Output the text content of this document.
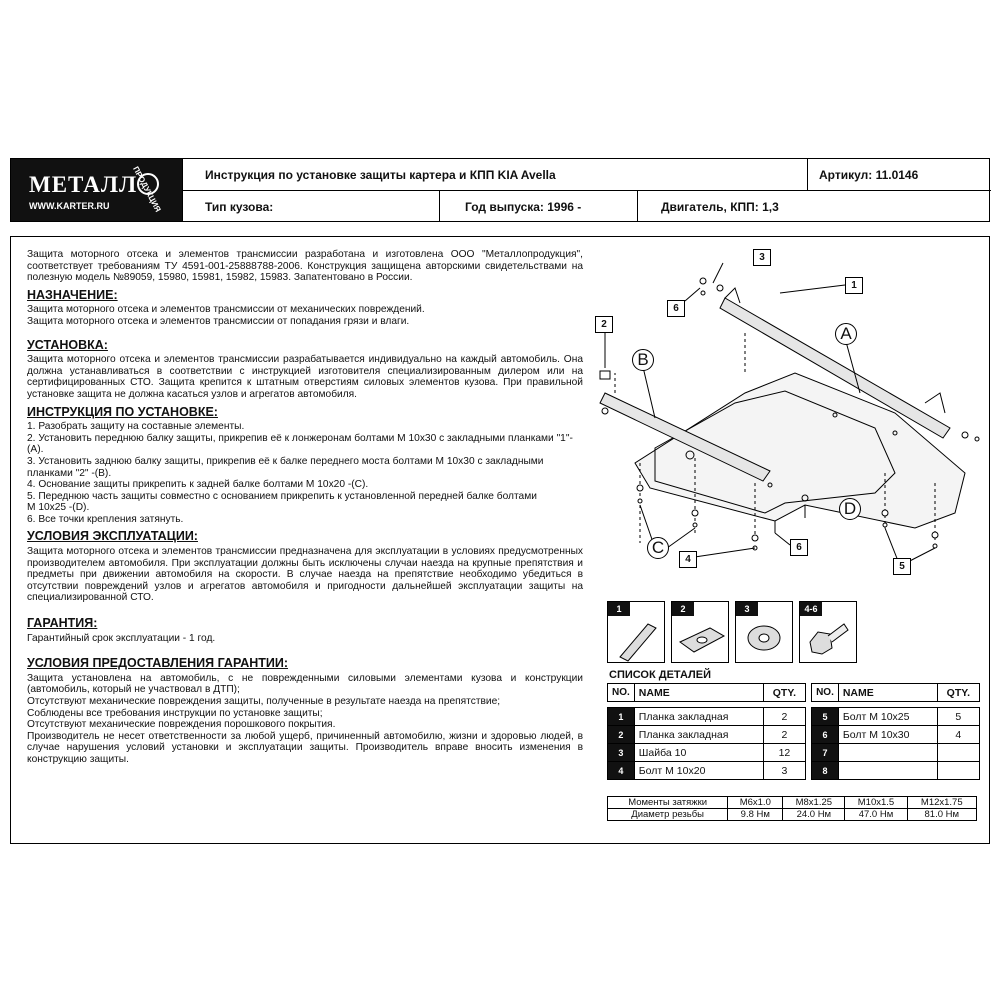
МЕТАЛЛ
WWW.KARTER.RU	ПРОДУКЦИЯ	Инструкция по установке защиты картера и КПП KIA Avella	Артикул: 11.0146
Тип кузова:	Год выпуска: 1996 -	Двигатель, КПП: 1,3

Защита моторного отсека и элементов трансмиссии разработана и изготовлена ООО "Металлопродукция", соответствует требованиям ТУ 4591-001-25888788-2006. Конструкция защищена авторскими свидетельствами на полезную модель №89059, 15980, 15981, 15982, 15983. Запатентовано в России.

НАЗНАЧЕНИЕ:

Защита моторного отсека и элементов трансмиссии от механических повреждений.

Защита моторного отсека и элементов трансмиссии от попадания грязи и влаги.

УСТАНОВКА:

Защита моторного отсека и элементов трансмиссии разрабатывается индивидуально на каждый автомобиль. Она должна устанавливаться в соответствии с инструкцией изготовителя специализированным дилером или на сертифицированных СТО. Защита крепится к штатным отверстиям силовых элементов кузова. При правильной установке защита не должна касаться узлов и агрегатов автомобиля.

ИНСТРУКЦИЯ ПО УСТАНОВКЕ:

1. Разобрать защиту на составные элементы.

2. Установить переднюю балку защиты, прикрепив её к лонжеронам болтами М 10х30 с закладными планками "1"-(A).

3. Установить заднюю балку защиты, прикрепив её к балке переднего моста болтами М 10х30 с закладными планками "2" -(B).

4. Основание защиты прикрепить к задней балке болтами М 10х20 -(C).

5. Переднюю часть защиты совместно с основанием прикрепить к установленной передней балке болтами

М 10х25 -(D).

6. Все точки крепления затянуть.

УСЛОВИЯ ЭКСПЛУАТАЦИИ:

Защита моторного отсека и элементов трансмиссии предназначена для эксплуатации в условиях предусмотренных производителем автомобиля. При эксплуатации должны быть исключены случаи наезда на крупные препятствия и предметы при движении автомобиля на скорости. В случае наезда на препятствие необходимо убедиться в отсутствии повреждений узлов и агрегатов автомобиля и пригодности дальнейшей эксплуатации защиты на специализированной СТО.

ГАРАНТИЯ:

Гарантийный срок эксплуатации - 1 год.

УСЛОВИЯ ПРЕДОСТАВЛЕНИЯ ГАРАНТИИ:

Защита установлена на автомобиль, с не поврежденными силовыми элементами кузова и конструкции (автомобиль, который не участвовал в ДТП);

Отсутствуют механические повреждения защиты, полученные в результате наезда на препятствие;

Соблюдены все требования инструкции по установке защиты;

Отсутствуют механические повреждения порошкового покрытия.

Производитель не несет ответственности за любой ущерб, причиненный автомобилю, жизни и здоровью людей, в случае нарушения условий установки и эксплуатации защиты. Производитель вправе вносить изменения в конструкцию защиты.

3
1
6
2
6
4
5
A
B
C
D
1	2	3	4-6
СПИСОК ДЕТАЛЕЙ
NO.	NAME	QTY.		NO.	NAME	QTY.

1	Планка закладная	2		5	Болт М 10х25	5
2	Планка закладная	2		6	Болт М 10х30	4
3	Шайба 10	12		7		
4	Болт М 10х20	3		8		
Моменты затяжки	M6x1.0	M8x1.25	M10x1.5	M12x1.75
Диаметр резьбы	9.8 Нм	24.0 Нм	47.0 Нм	81.0 Нм
